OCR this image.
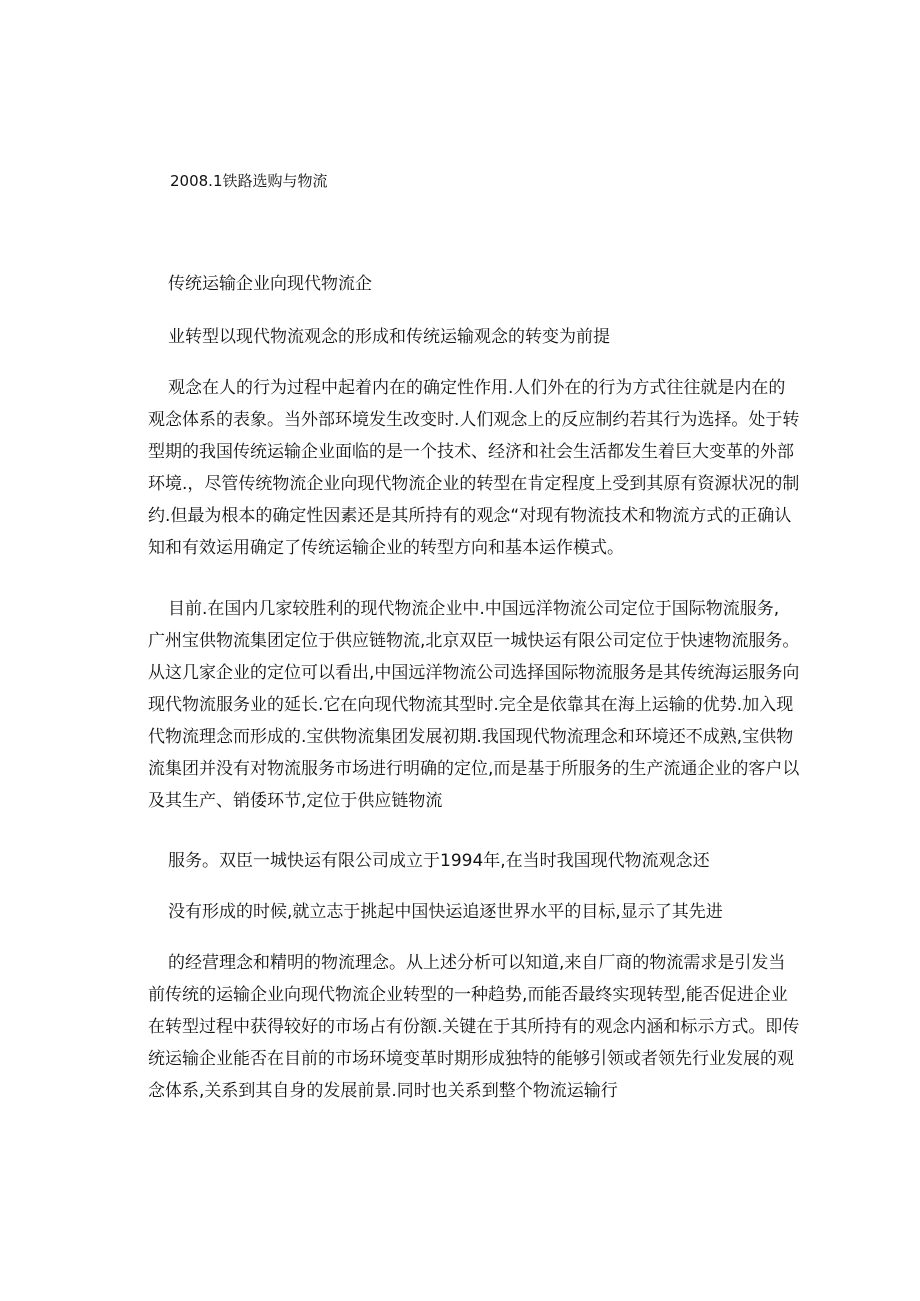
2008.1铁路选购与物流
传统运输企业向现代物流企
业转型以现代物流观念的形成和传统运输观念的转变为前提
观念在人的行为过程中起着内在的确定性作用.人们外在的行为方式往往就是内在的
观念体系的表象。当外部环境发生改变时.人们观念上的反应制约若其行为选择。处于转
型期的我国传统运输企业面临的是一个技术、经济和社会生活都发生着巨大变革的外部
环境.，尽管传统物流企业向现代物流企业的转型在肯定程度上受到其原有资源状况的制
约.但最为根本的确定性因素还是其所持有的观念“对现有物流技术和物流方式的正确认
知和有效运用确定了传统运输企业的转型方向和基本运作模式。
目前.在国内几家较胜利的现代物流企业中.中国远洋物流公司定位于国际物流服务,
广州宝供物流集团定位于供应链物流,北京双臣一城快运有限公司定位于快速物流服务。
从这几家企业的定位可以看出,中国远洋物流公司选择国际物流服务是其传统海运服务向
现代物流服务业的延长.它在向现代物流其型时.完全是依靠其在海上运输的优势.加入现
代物流理念而形成的.宝供物流集团发展初期.我国现代物流理念和环境还不成熟,宝供物
流集团并没有对物流服务市场进行明确的定位,而是基于所服务的生产流通企业的客户以
及其生产、销倭环节,定位于供应链物流
服务。双臣一城快运有限公司成立于1994年,在当时我国现代物流观念还
没有形成的时候,就立志于挑起中国快运追逐世界水平的目标,显示了其先进
的经营理念和精明的物流理念。从上述分析可以知道,来自厂商的物流需求是引发当
前传统的运输企业向现代物流企业转型的一种趋势,而能否最终实现转型,能否促进企业
在转型过程中获得较好的市场占有份额.关键在于其所持有的观念内涵和标示方式。即传
统运输企业能否在目前的市场环境变革时期形成独特的能够引领或者领先行业发展的观
念体系,关系到其自身的发展前景.同时也关系到整个物流运输行
